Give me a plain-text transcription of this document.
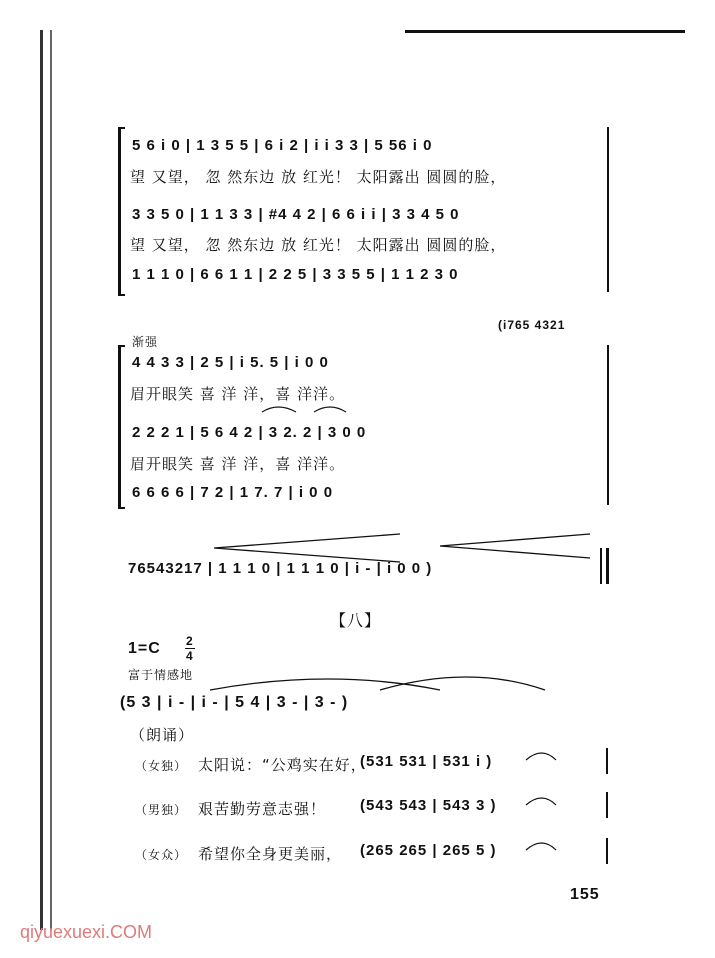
5 6 i 0 | 1 3 5 5 | 6 i 2 | i i 3 3 | 5 56 i 0
望 又望， 忽 然东边 放 红光！ 太阳露出 圆圆的脸，
3 3 5 0 | 1 1 3 3 | #4 4 2 | 6 6 i i | 3 3 4 5 0
望 又望， 忽 然东边 放 红光！ 太阳露出 圆圆的脸，
1 1 1 0 | 6 6 1 1 | 2 2 5 | 3 3 5 5 | 1 1 2 3 0
(i765 4321
渐强
4 4 3 3 | 2 5 | i 5. 5 | i 0 0
眉开眼笑 喜 洋 洋，喜 洋洋。
2 2 2 1 | 5 6 4 2 | 3 2. 2 | 3 0 0
眉开眼笑 喜 洋 洋，喜 洋洋。
6 6 6 6 | 7 2 | 1 7. 7 | i 0 0
76543217 | 1 1 1 0 | 1 1 1 0 | i - | i 0 0 )
【八】
1=C 2
4
富于情感地
(5 3 | i - | i - | 5 4 | 3 - | 3 - )
（朗诵）
（女独） 太阳说：“公鸡实在好，
(531 531 | 531 i )
（男独） 艰苦勤劳意志强！ (543 543 | 543 3 )
（女众） 希望你全身更美丽， (265 265 | 265 5 )
155
qiyuexuexi.COM
